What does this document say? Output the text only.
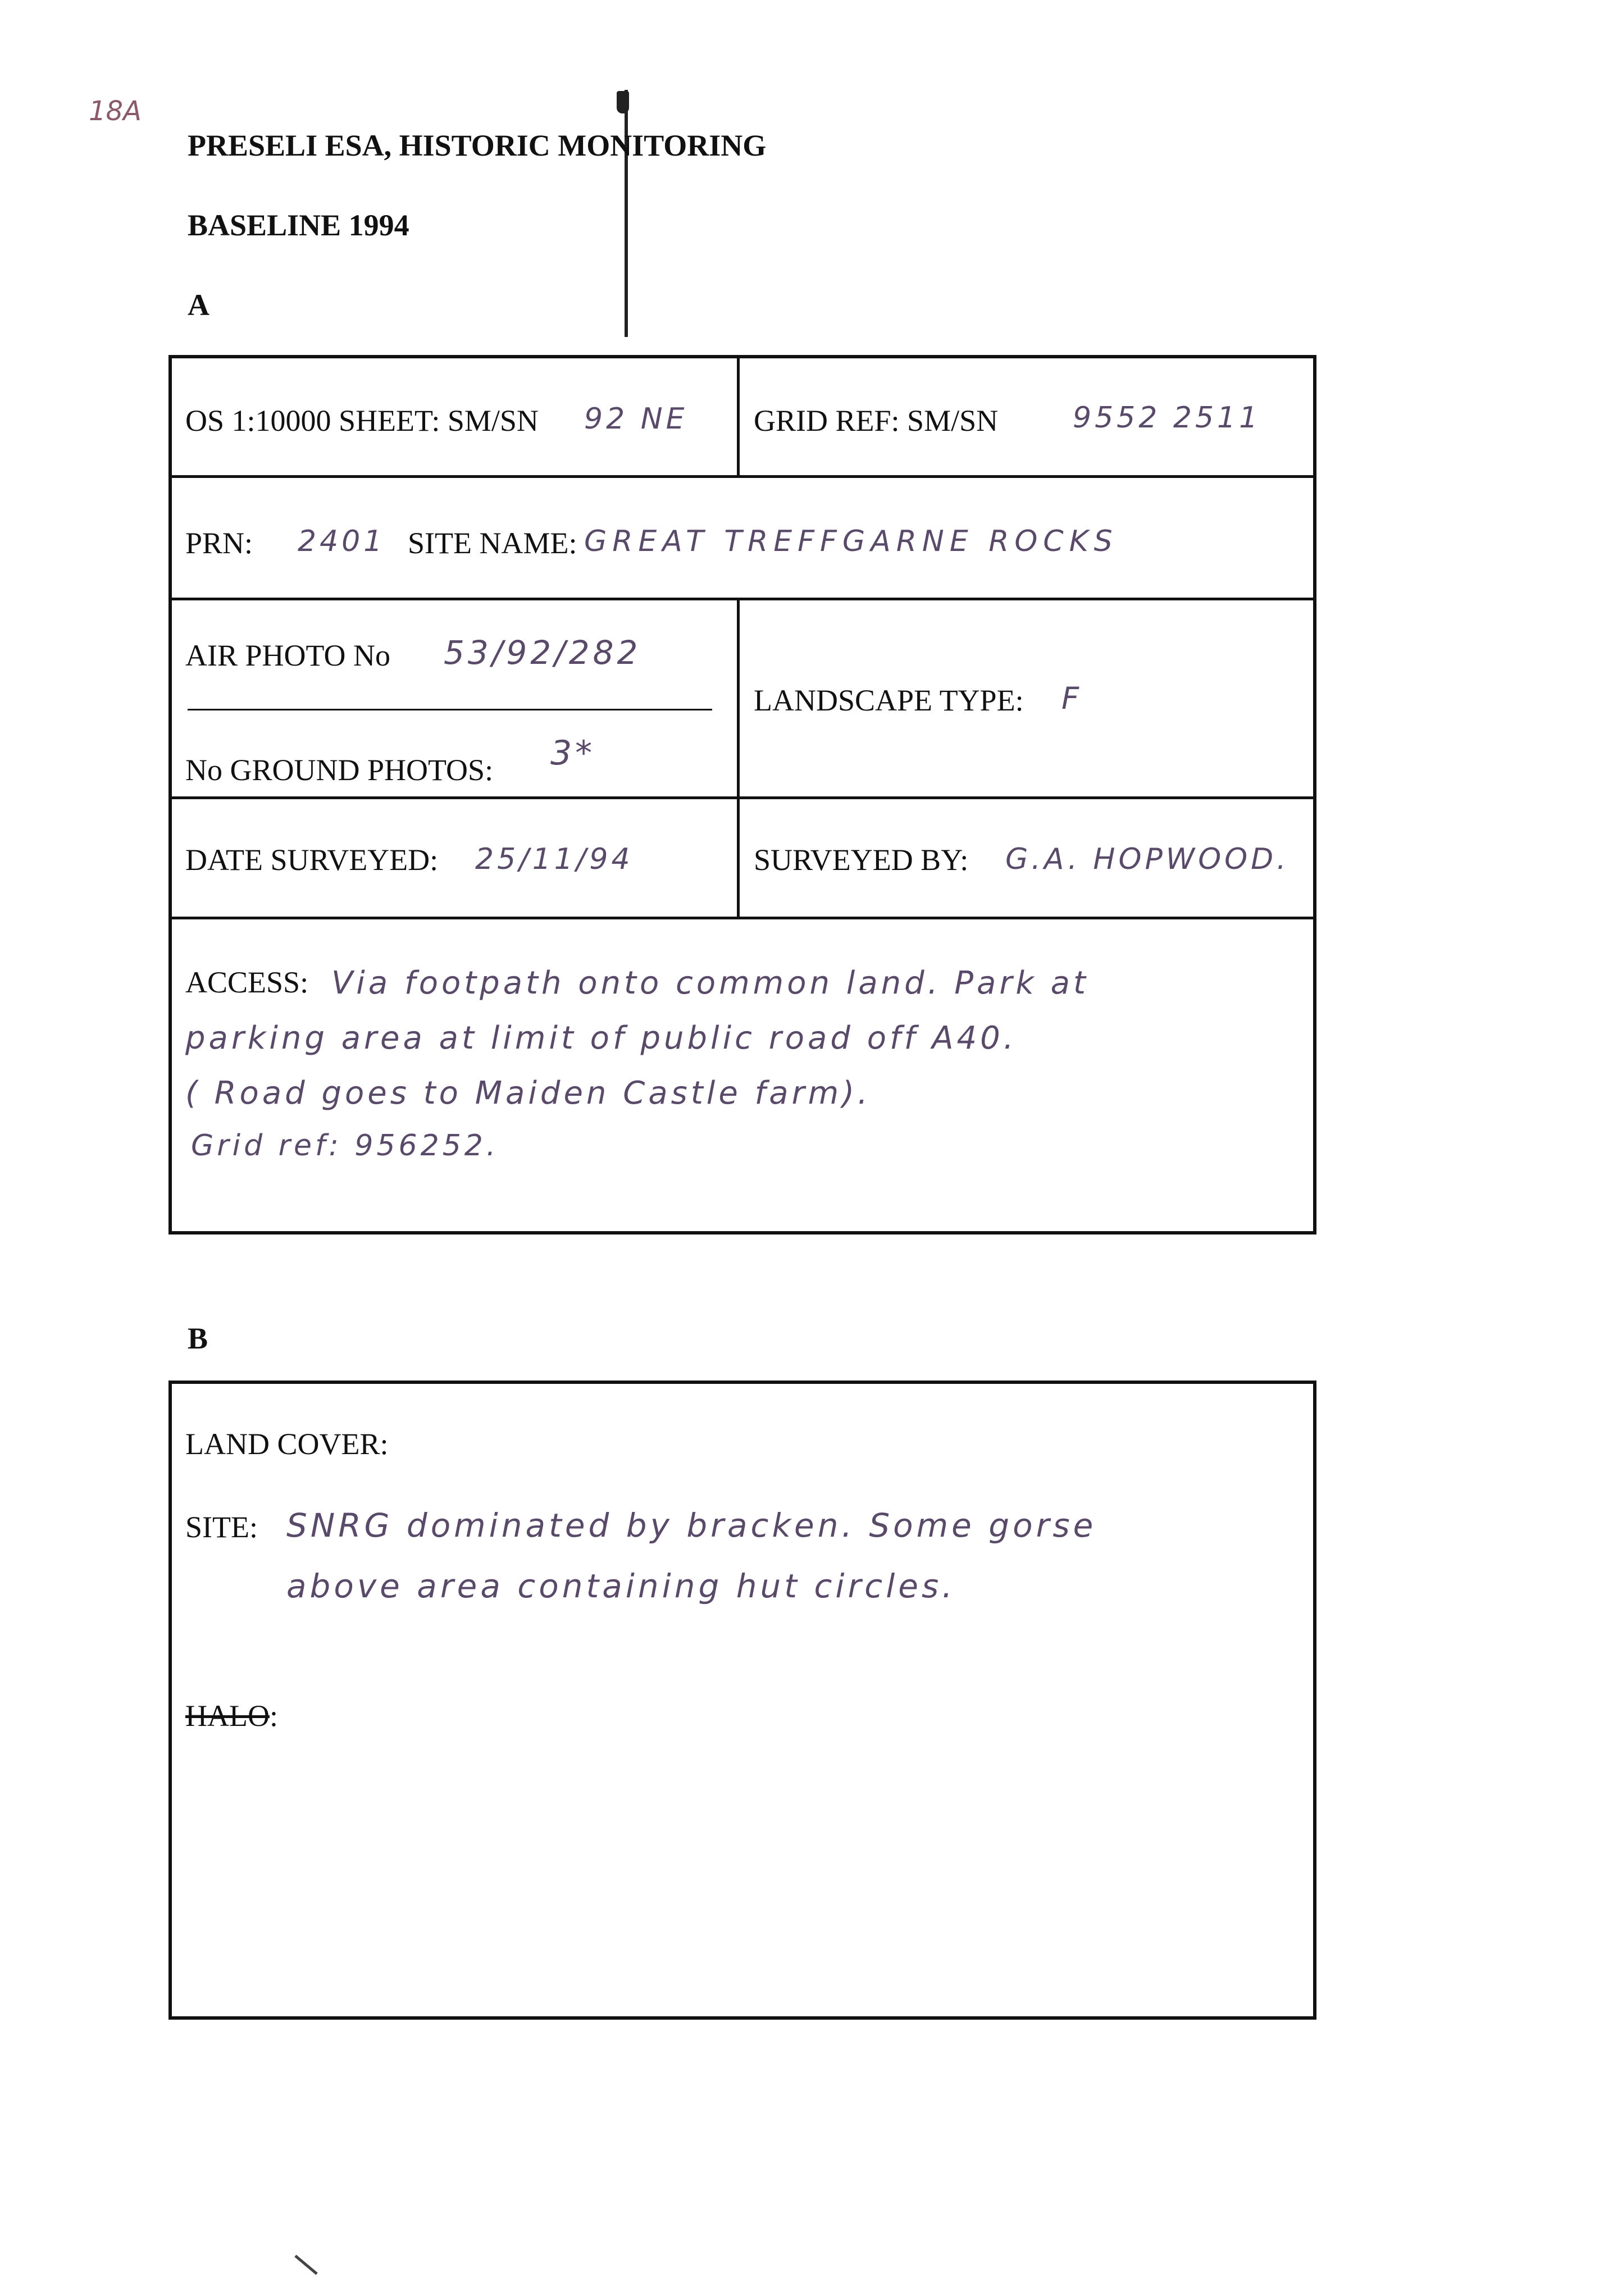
18A
PRESELI ESA, HISTORIC MONITORING
BASELINE 1994
A
OS 1:10000 SHEET: SM/SN 92 NE GRID REF: SM/SN	9552 2511
PRN: 2401 SITE NAME: GREAT TREFFGARNE ROCKS
AIR PHOTO No 53/92/282
No GROUND PHOTOS: 3*
LANDSCAPE TYPE: F
DATE SURVEYED: 25/11/94	SURVEYED BY: G.A. HOPWOOD.
ACCESS: Via footpath onto common land. Park at
parking area at limit of public road off A40.
( Road goes to Maiden Castle farm).
Grid ref: 956252.
B
LAND COVER:
SITE: SNRG dominated by bracken. Some gorse
above area containing hut circles.
HALO:
